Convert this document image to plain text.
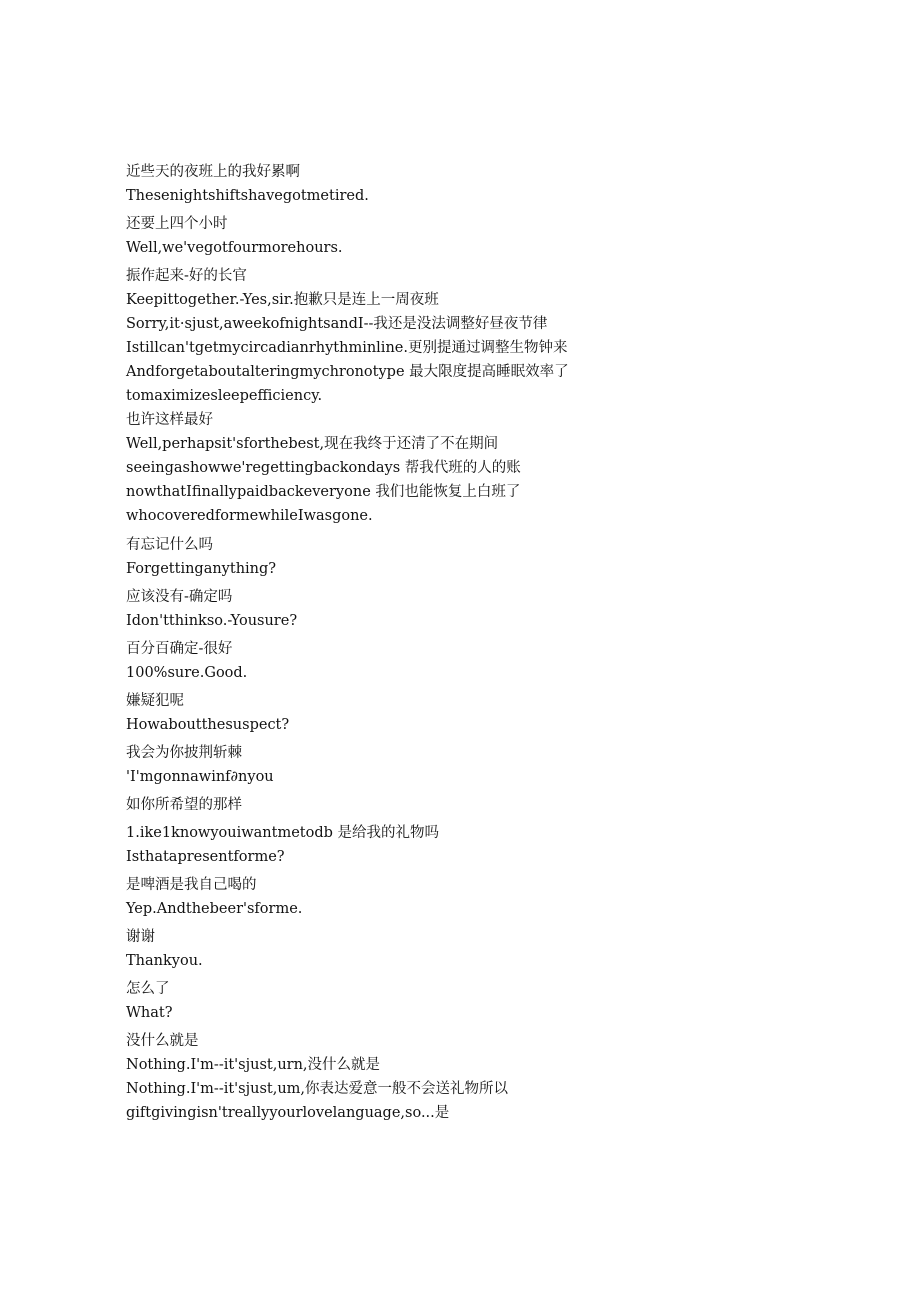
近些天的夜班上的我好累啊
Thesenightshiftshavegotmetired.
还要上四个小时
Well,we'vegotfourmorehours.
振作起来-好的长官
Keepittogether.-Yes,sir.抱歉只是连上一周夜班
Sorry,it·sjust,aweekofnightsandI--我还是没法调整好昼夜节律
Istillcan'tgetmycircadianrhythminline.更别提通过调整生物钟来
Andforgetaboutalteringmychronotype 最大限度提高睡眠效率了
tomaximizesleepefficiency.
也许这样最好
Well,perhapsit'sforthebest,现在我终于还清了不在期间
seeingashowwe'regettingbackondays 帮我代班的人的账
nowthatIfinallypaidbackeveryone 我们也能恢复上白班了
whocoveredformewhileIwasgone.
有忘记什么吗
Forgettinganything?
应该没有-确定吗
Idon'tthinkso.-Yousure?
百分百确定-很好
100%sure.Good.
嫌疑犯呢
Howaboutthesuspect?
我会为你披荆斩棘
'I'mgonnawinf∂nyou
如你所希望的那样
1.ike1knowyouiwantmetodb 是给我的礼物吗
Isthatapresentforme?
是啤酒是我自己喝的
Yep.Andthebeer'sforme.
谢谢
Thankyou.
怎么了
What?
没什么就是
Nothing.I'm--it'sjust,urn,没什么就是
Nothing.I'm--it'sjust,um,你表达爱意一般不会送礼物所以
giftgivingisn'treallyyourlovelanguage,so...是
